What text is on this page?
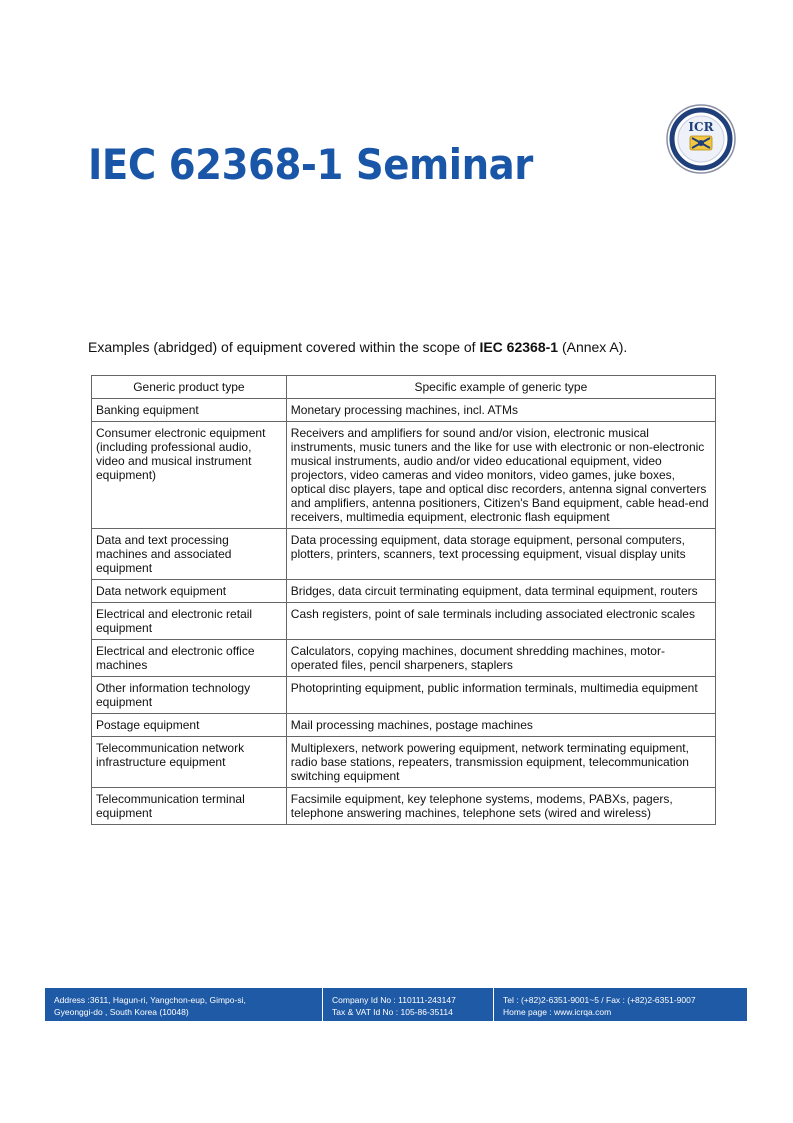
ICR
IEC 62368-1 Seminar
Examples (abridged) of equipment covered within the scope of IEC 62368-1 (Annex A).
Generic product type	Specific example of generic type
Banking equipment	Monetary processing machines, incl. ATMs
Consumer electronic equipment (including professional audio, video and musical instrument equipment)	Receivers and amplifiers for sound and/or vision, electronic musical instruments, music tuners and the like for use with electronic or non-electronic musical instruments, audio and/or video educational equipment, video projectors, video cameras and video monitors, video games, juke boxes, optical disc players, tape and optical disc recorders, antenna signal converters and amplifiers, antenna positioners, Citizen's Band equipment, cable head-end receivers, multimedia equipment, electronic flash equipment
Data and text processing machines and associated equipment	Data processing equipment, data storage equipment, personal computers, plotters, printers, scanners, text processing equipment, visual display units
Data network equipment	Bridges, data circuit terminating equipment, data terminal equipment, routers
Electrical and electronic retail equipment	Cash registers, point of sale terminals including associated electronic scales
Electrical and electronic office machines	Calculators, copying machines, document shredding machines, motor-operated files, pencil sharpeners, staplers
Other information technology equipment	Photoprinting equipment, public information terminals, multimedia equipment
Postage equipment	Mail processing machines, postage machines
Telecommunication network infrastructure equipment	Multiplexers, network powering equipment, network terminating equipment, radio base stations, repeaters, transmission equipment, telecommunication switching equipment
Telecommunication terminal equipment	Facsimile equipment, key telephone systems, modems, PABXs, pagers, telephone answering machines, telephone sets (wired and wireless)
Address :3611, Hagun-ri, Yangchon-eup, Gimpo-si,
Gyeonggi-do , South Korea (10048)
Company Id No : 110111-243147
Tax & VAT Id No : 105-86-35114
Tel : (+82)2-6351-9001~5 / Fax : (+82)2-6351-9007
Home page : www.icrqa.com
